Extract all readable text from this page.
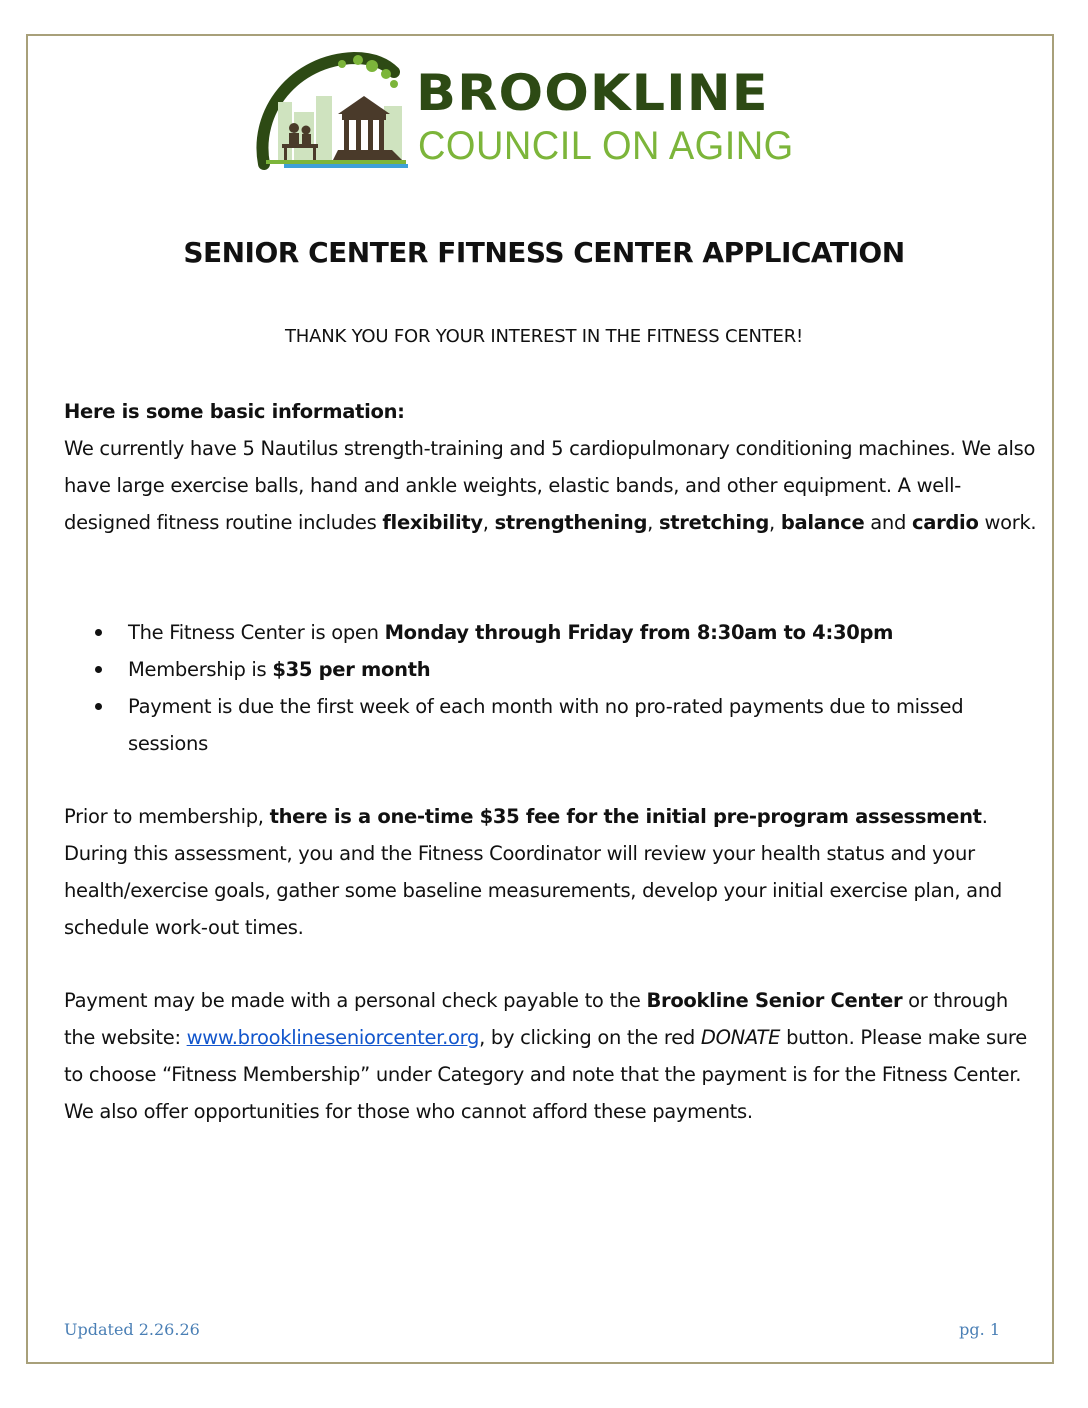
BROOKLINE
COUNCIL ON AGING
SENIOR CENTER FITNESS CENTER APPLICATION
THANK YOU FOR YOUR INTEREST IN THE FITNESS CENTER!
Here is some basic information:
We currently have 5 Nautilus strength-training and 5 cardiopulmonary conditioning machines. We also have large exercise balls, hand and ankle weights, elastic bands, and other equipment. A well-designed fitness routine includes flexibility, strengthening, stretching, balance and cardio work.
The Fitness Center is open Monday through Friday from 8:30am to 4:30pm
Membership is $35 per month
Payment is due the first week of each month with no pro-rated payments due to missed sessions
Prior to membership, there is a one-time $35 fee for the initial pre-program assessment. During this assessment, you and the Fitness Coordinator will review your health status and your health/exercise goals, gather some baseline measurements, develop your initial exercise plan, and schedule work-out times.
Payment may be made with a personal check payable to the Brookline Senior Center or through the website: www.brooklineseniorcenter.org, by clicking on the red DONATE button. Please make sure to choose “Fitness Membership” under Category and note that the payment is for the Fitness Center. We also offer opportunities for those who cannot afford these payments.
Updated 2.26.26	pg. 1
